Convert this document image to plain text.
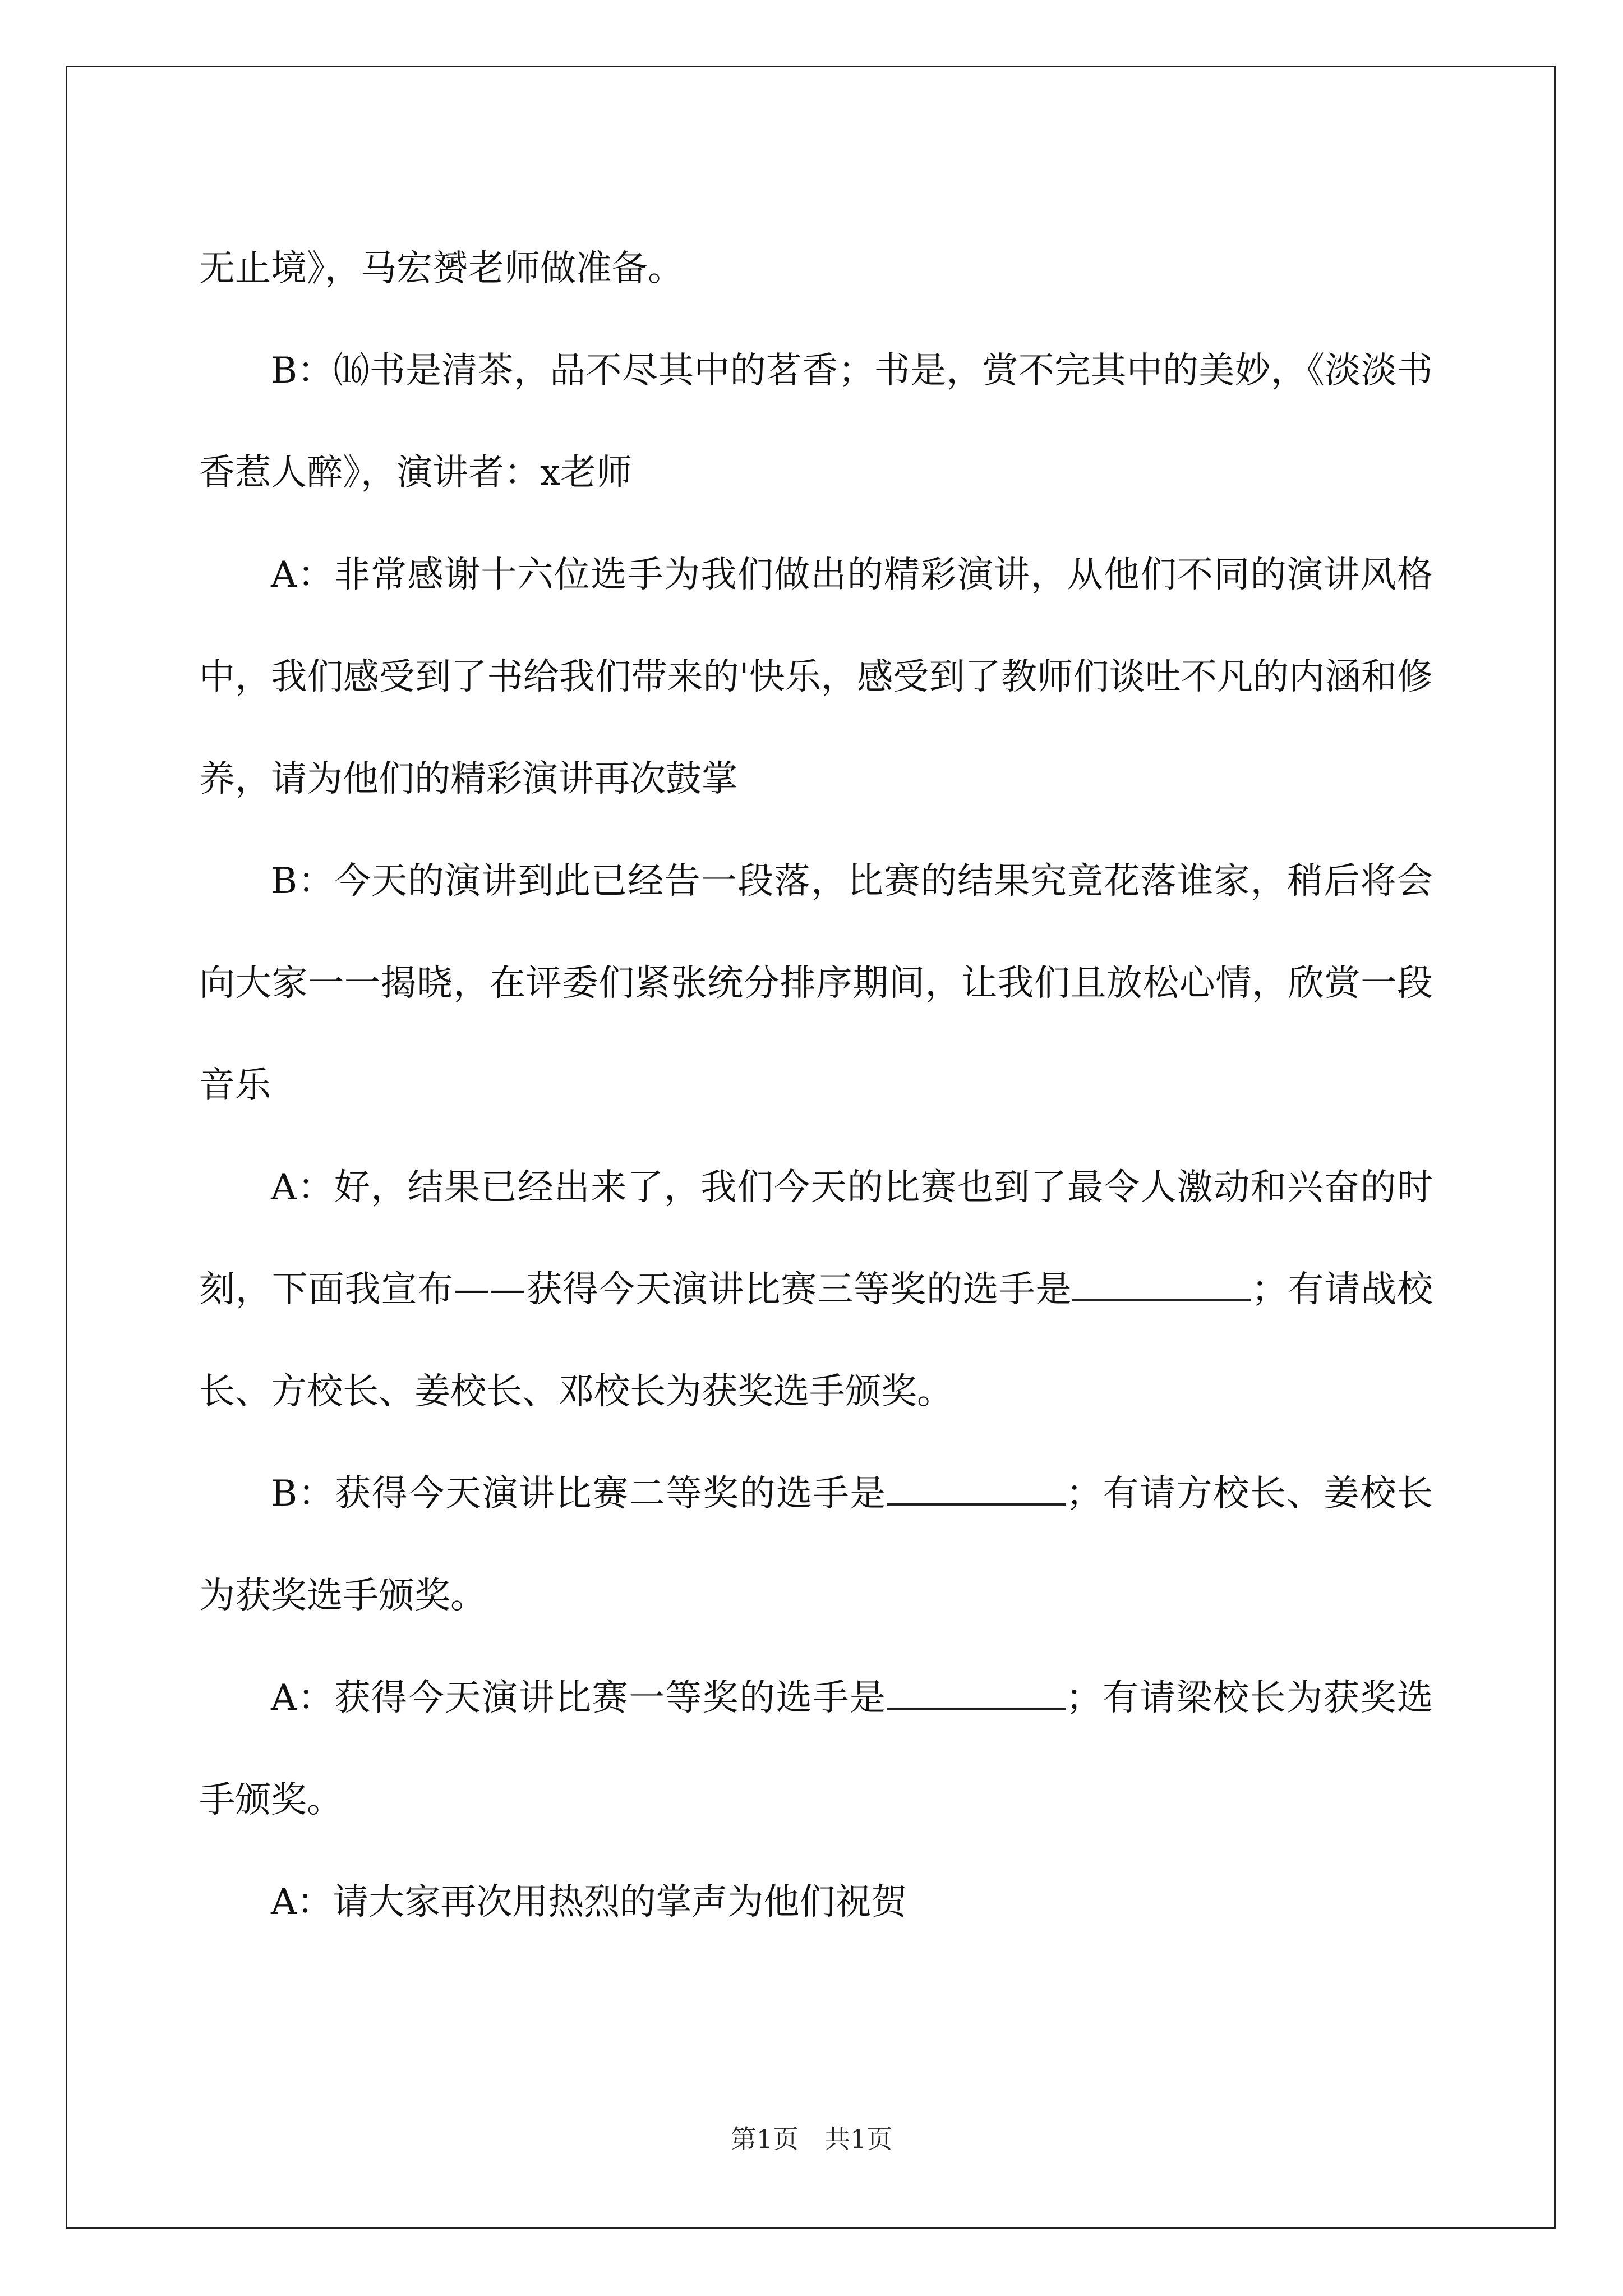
无止境》，马宏赟老师做准备。

B：⒃书是清茶，品不尽其中的茗香；书是，赏不完其中的美妙，《淡淡书香惹人醉》，演讲者：x老师

A：非常感谢十六位选手为我们做出的精彩演讲，从他们不同的演讲风格中，我们感受到了书给我们带来的'快乐，感受到了教师们谈吐不凡的内涵和修养，请为他们的精彩演讲再次鼓掌

B：今天的演讲到此已经告一段落，比赛的结果究竟花落谁家，稍后将会向大家一一揭晓，在评委们紧张统分排序期间，让我们且放松心情，欣赏一段音乐

A：好，结果已经出来了，我们今天的比赛也到了最令人激动和兴奋的时刻，下面我宣布——获得今天演讲比赛三等奖的选手是	；有请战校长、方校长、姜校长、邓校长为获奖选手颁奖。

B：获得今天演讲比赛二等奖的选手是	；有请方校长、姜校长为获奖选手颁奖。

A：获得今天演讲比赛一等奖的选手是	；有请梁校长为获奖选手颁奖。

A：请大家再次用热烈的掌声为他们祝贺

第1页　共1页
